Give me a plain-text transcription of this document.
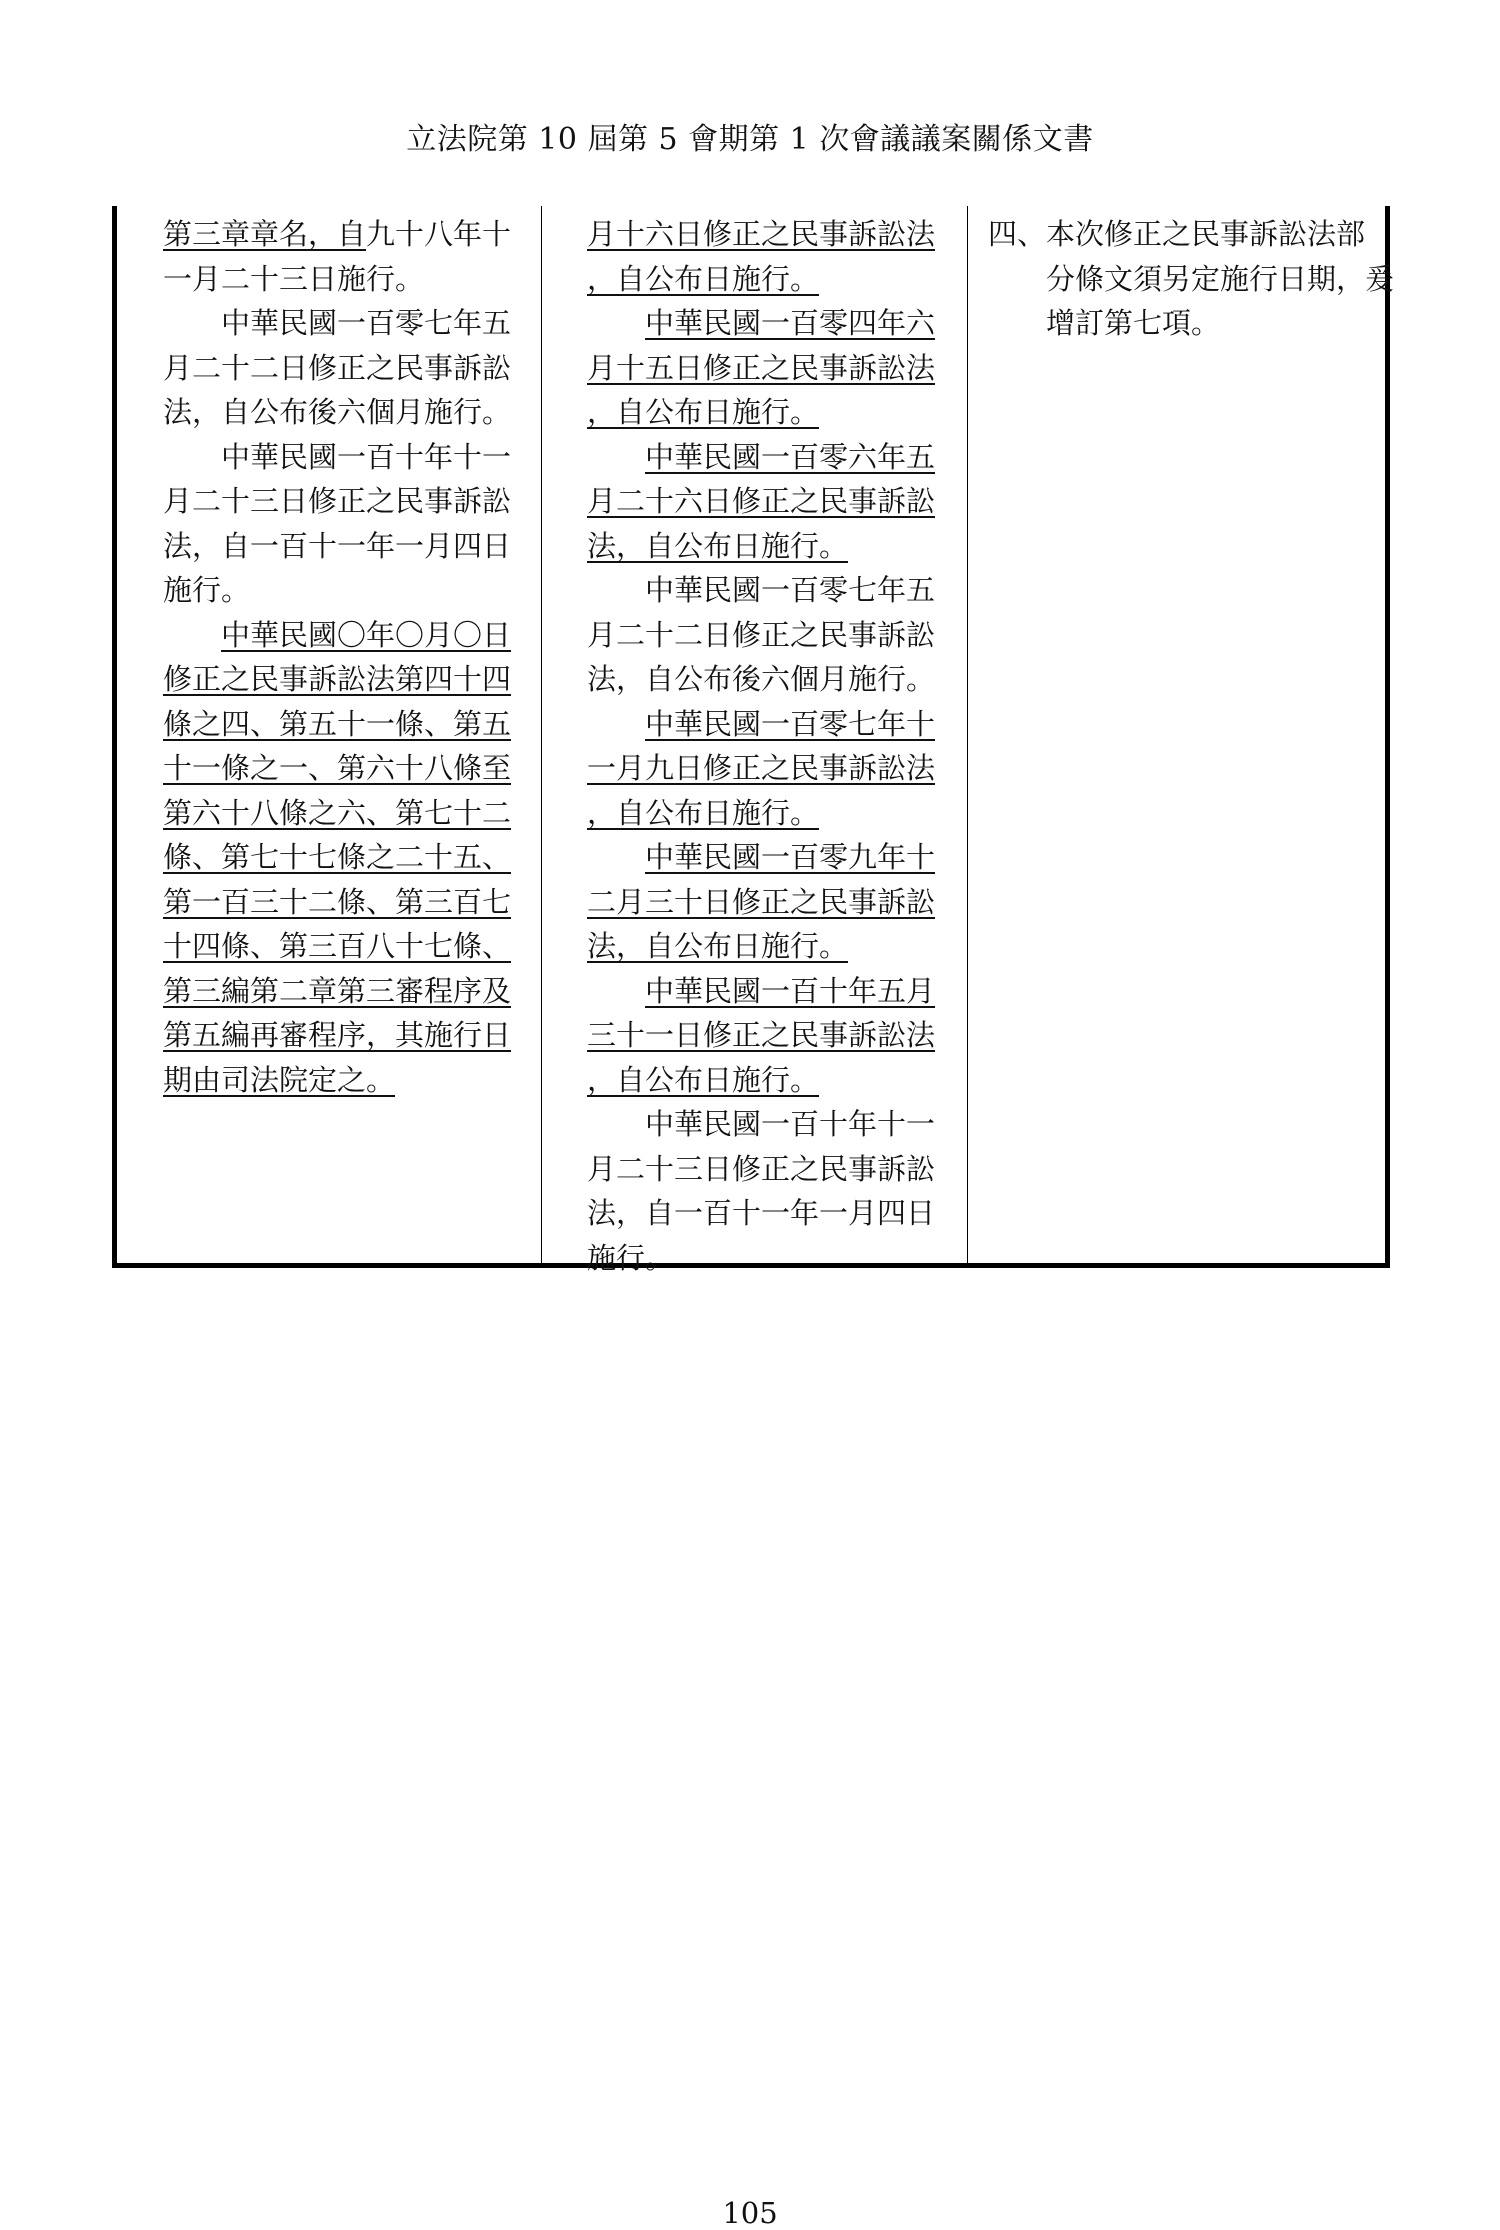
立法院第 10 屆第 5 會期第 1 次會議議案關係文書
第三章章名，自九十八年十
一月二十三日施行。
　　中華民國一百零七年五
月二十二日修正之民事訴訟
法，自公布後六個月施行。
　　中華民國一百十年十一
月二十三日修正之民事訴訟
法，自一百十一年一月四日
施行。
　　中華民國〇年〇月〇日
修正之民事訴訟法第四十四
條之四、第五十一條、第五
十一條之一、第六十八條至
第六十八條之六、第七十二
條、第七十七條之二十五、
第一百三十二條、第三百七
十四條、第三百八十七條、
第三編第二章第三審程序及
第五編再審程序，其施行日
期由司法院定之。
月十六日修正之民事訴訟法
，自公布日施行。
　　中華民國一百零四年六
月十五日修正之民事訴訟法
，自公布日施行。
　　中華民國一百零六年五
月二十六日修正之民事訴訟
法，自公布日施行。
　　中華民國一百零七年五
月二十二日修正之民事訴訟
法，自公布後六個月施行。
　　中華民國一百零七年十
一月九日修正之民事訴訟法
，自公布日施行。
　　中華民國一百零九年十
二月三十日修正之民事訴訟
法，自公布日施行。
　　中華民國一百十年五月
三十一日修正之民事訴訟法
，自公布日施行。
　　中華民國一百十年十一
月二十三日修正之民事訴訟
法，自一百十一年一月四日
施行。
四、本次修正之民事訴訟法部
　　分條文須另定施行日期，爰
　　增訂第七項。
105
